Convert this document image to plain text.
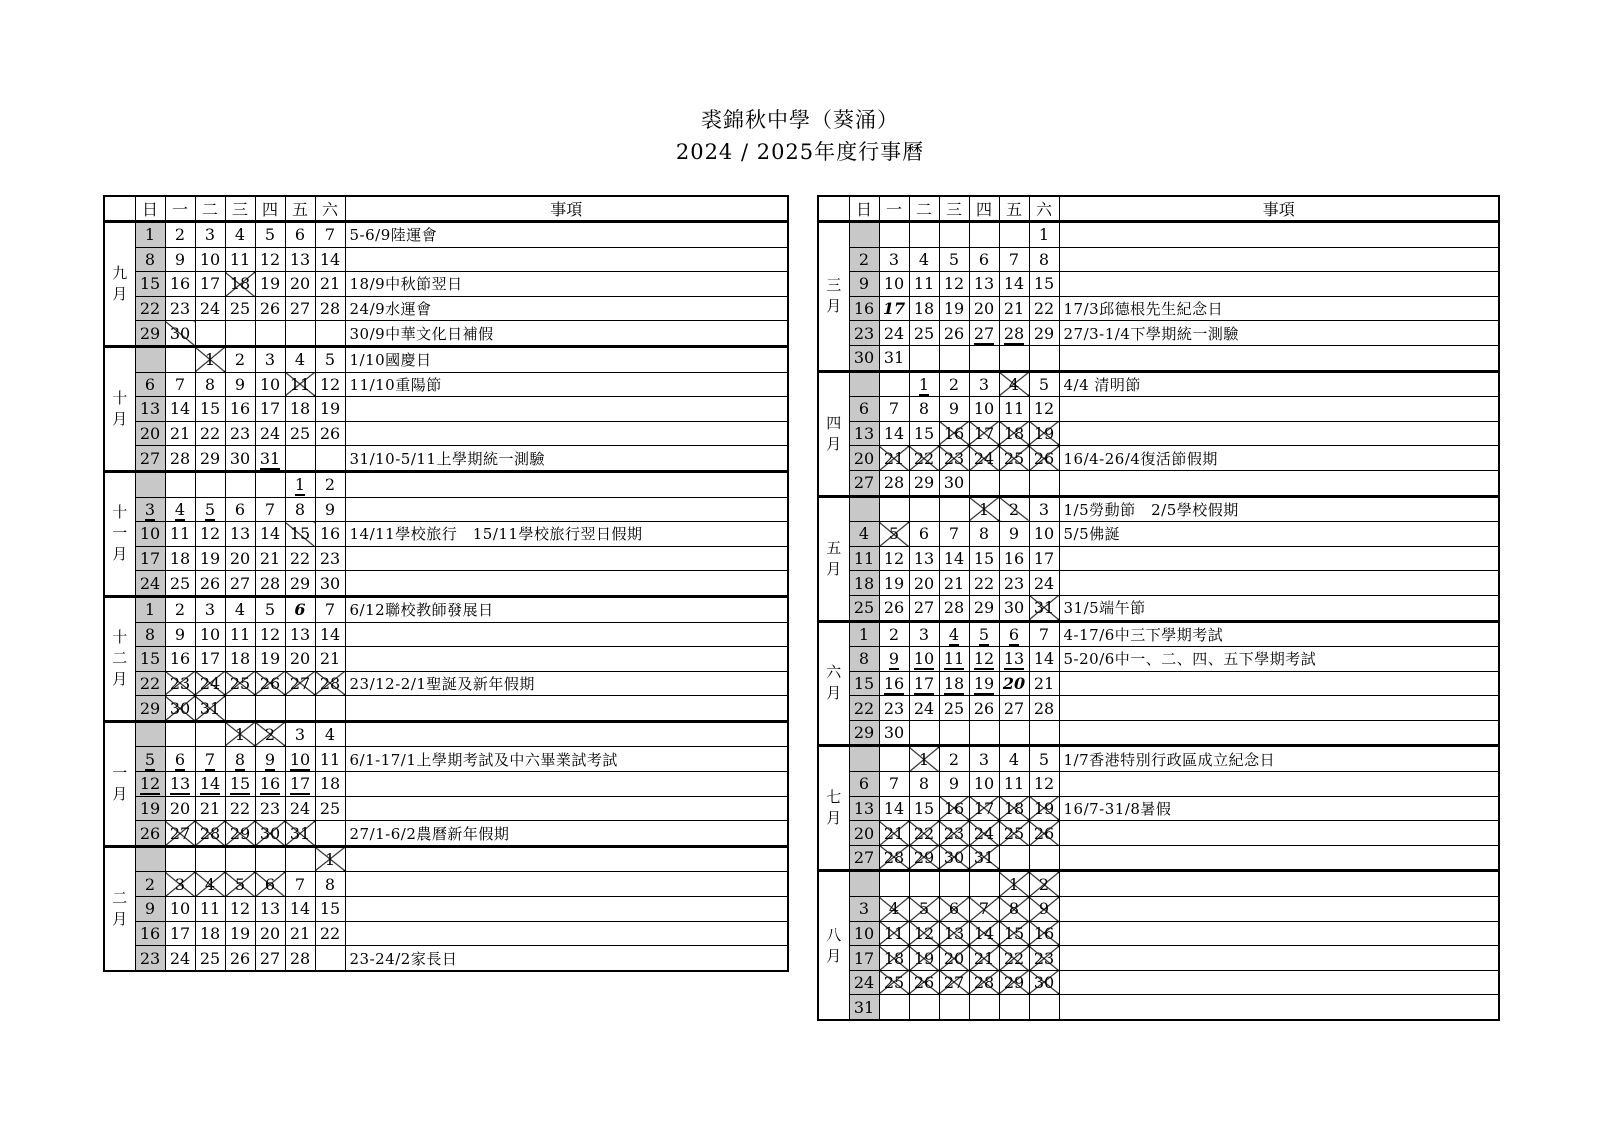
裘錦秋中學（葵涌）
2024 / 2025年度行事曆
	日	一	二	三	四	五	六	事項
九
月	1	2	3	4	5	6	7	5-6/9陸運會
	8	9	10	11	12	13	14	
	15	16	17	18	19	20	21	18/9中秋節翌日
	22	23	24	25	26	27	28	24/9水運會
	29	30						30/9中華文化日補假
十
月			1	2	3	4	5	1/10國慶日
	6	7	8	9	10	11	12	11/10重陽節
	13	14	15	16	17	18	19	
	20	21	22	23	24	25	26	
	27	28	29	30	31			31/10-5/11上學期統一測驗
十
一
月						1	2	
	3	4	5	6	7	8	9	
	10	11	12	13	14	15	16	14/11學校旅行　15/11學校旅行翌日假期
	17	18	19	20	21	22	23	
	24	25	26	27	28	29	30	
十
二
月	1	2	3	4	5	6	7	6/12聯校教師發展日
	8	9	10	11	12	13	14	
	15	16	17	18	19	20	21	
	22	23	24	25	26	27	28	23/12-2/1聖誕及新年假期
	29	30	31					
一
月				1	2	3	4	
	5	6	7	8	9	10	11	6/1-17/1上學期考試及中六畢業試考試
	12	13	14	15	16	17	18	
	19	20	21	22	23	24	25	
	26	27	28	29	30	31		27/1-6/2農曆新年假期
二
月							1	
	2	3	4	5	6	7	8	
	9	10	11	12	13	14	15	
	16	17	18	19	20	21	22	
	23	24	25	26	27	28		23-24/2家長日
	日	一	二	三	四	五	六	事項
三
月							1	
	2	3	4	5	6	7	8	
	9	10	11	12	13	14	15	
	16	17	18	19	20	21	22	17/3邱德根先生紀念日
	23	24	25	26	27	28	29	27/3-1/4下學期統一測驗
	30	31						
四
月			1	2	3	4	5	4/4 清明節
	6	7	8	9	10	11	12	
	13	14	15	16	17	18	19	
	20	21	22	23	24	25	26	16/4-26/4復活節假期
	27	28	29	30				
五
月					1	2	3	1/5勞動節　2/5學校假期
	4	5	6	7	8	9	10	5/5佛誕
	11	12	13	14	15	16	17	
	18	19	20	21	22	23	24	
	25	26	27	28	29	30	31	31/5端午節
六
月	1	2	3	4	5	6	7	4-17/6中三下學期考試
	8	9	10	11	12	13	14	5-20/6中一、二、四、五下學期考試
	15	16	17	18	19	20	21	
	22	23	24	25	26	27	28	
	29	30						
七
月			1	2	3	4	5	1/7香港特別行政區成立紀念日
	6	7	8	9	10	11	12	
	13	14	15	16	17	18	19	16/7-31/8暑假
	20	21	22	23	24	25	26	
	27	28	29	30	31			
八
月						1	2	
	3	4	5	6	7	8	9	
	10	11	12	13	14	15	16	
	17	18	19	20	21	22	23	
	24	25	26	27	28	29	30	
	31							
